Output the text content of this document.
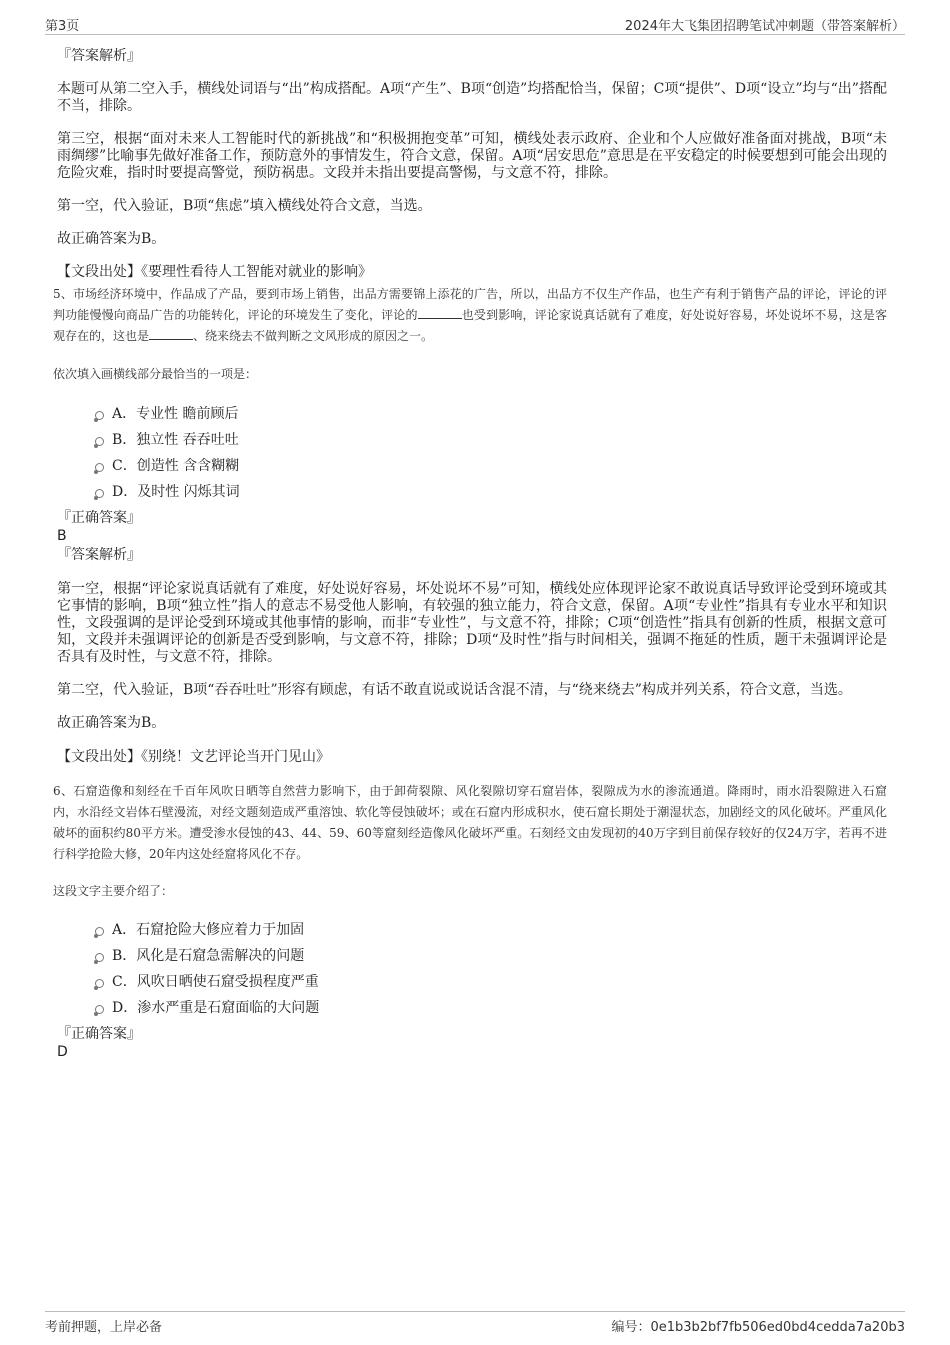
第3页	2024年大飞集团招聘笔试冲刺题（带答案解析）
『答案解析』

本题可从第二空入手，横线处词语与“出”构成搭配。A项“产生”、B项“创造”均搭配恰当，保留；C项“提供”、D项“设立”均与“出”搭配不当，排除。

第三空，根据“面对未来人工智能时代的新挑战”和“积极拥抱变革”可知，横线处表示政府、企业和个人应做好准备面对挑战，B项“未雨绸缪”比喻事先做好准备工作，预防意外的事情发生，符合文意，保留。A项“居安思危”意思是在平安稳定的时候要想到可能会出现的危险灾难，指时时要提高警觉，预防祸患。文段并未指出要提高警惕，与文意不符，排除。

第一空，代入验证，B项“焦虑”填入横线处符合文意，当选。

故正确答案为B。

【文段出处】《要理性看待人工智能对就业的影响》

5、市场经济环境中，作品成了产品，要到市场上销售，出品方需要锦上添花的广告，所以，出品方不仅生产作品，也生产有利于销售产品的评论，评论的评判功能慢慢向商品广告的功能转化，评论的环境发生了变化，评论的	也受到影响，评论家说真话就有了难度，好处说好容易，坏处说坏不易，这是客观存在的，这也是	、绕来绕去不做判断之文风形成的原因之一。

依次填入画横线部分最恰当的一项是：

A．专业性 瞻前顾后
B．独立性 吞吞吐吐
C．创造性 含含糊糊
D．及时性 闪烁其词
『正确答案』
B
『答案解析』

第一空，根据“评论家说真话就有了难度，好处说好容易，坏处说坏不易”可知，横线处应体现评论家不敢说真话导致评论受到环境或其它事情的影响，B项“独立性”指人的意志不易受他人影响，有较强的独立能力，符合文意，保留。A项“专业性”指具有专业水平和知识性，文段强调的是评论受到环境或其他事情的影响，而非“专业性”，与文意不符，排除；C项“创造性”指具有创新的性质，根据文意可知，文段并未强调评论的创新是否受到影响，与文意不符，排除；D项“及时性”指与时间相关，强调不拖延的性质，题干未强调评论是否具有及时性，与文意不符，排除。

第二空，代入验证，B项“吞吞吐吐”形容有顾虑，有话不敢直说或说话含混不清，与“绕来绕去”构成并列关系，符合文意，当选。

故正确答案为B。

【文段出处】《别绕！文艺评论当开门见山》

6、石窟造像和刻经在千百年风吹日晒等自然营力影响下，由于卸荷裂隙、风化裂隙切穿石窟岩体，裂隙成为水的渗流通道。降雨时，雨水沿裂隙进入石窟内，水沿经文岩体石壁漫流，对经文题刻造成严重溶蚀、软化等侵蚀破坏；或在石窟内形成积水，使石窟长期处于潮湿状态，加剧经文的风化破坏。严重风化破坏的面积约80平方米。遭受渗水侵蚀的43、44、59、60等窟刻经造像风化破坏严重。石刻经文由发现初的40万字到目前保存较好的仅24万字，若再不进行科学抢险大修，20年内这处经窟将风化不存。

这段文字主要介绍了：

A．石窟抢险大修应着力于加固
B．风化是石窟急需解决的问题
C．风吹日晒使石窟受损程度严重
D．渗水严重是石窟面临的大问题
『正确答案』
D
考前押题，上岸必备	编号：0e1b3b2bf7fb506ed0bd4cedda7a20b3
